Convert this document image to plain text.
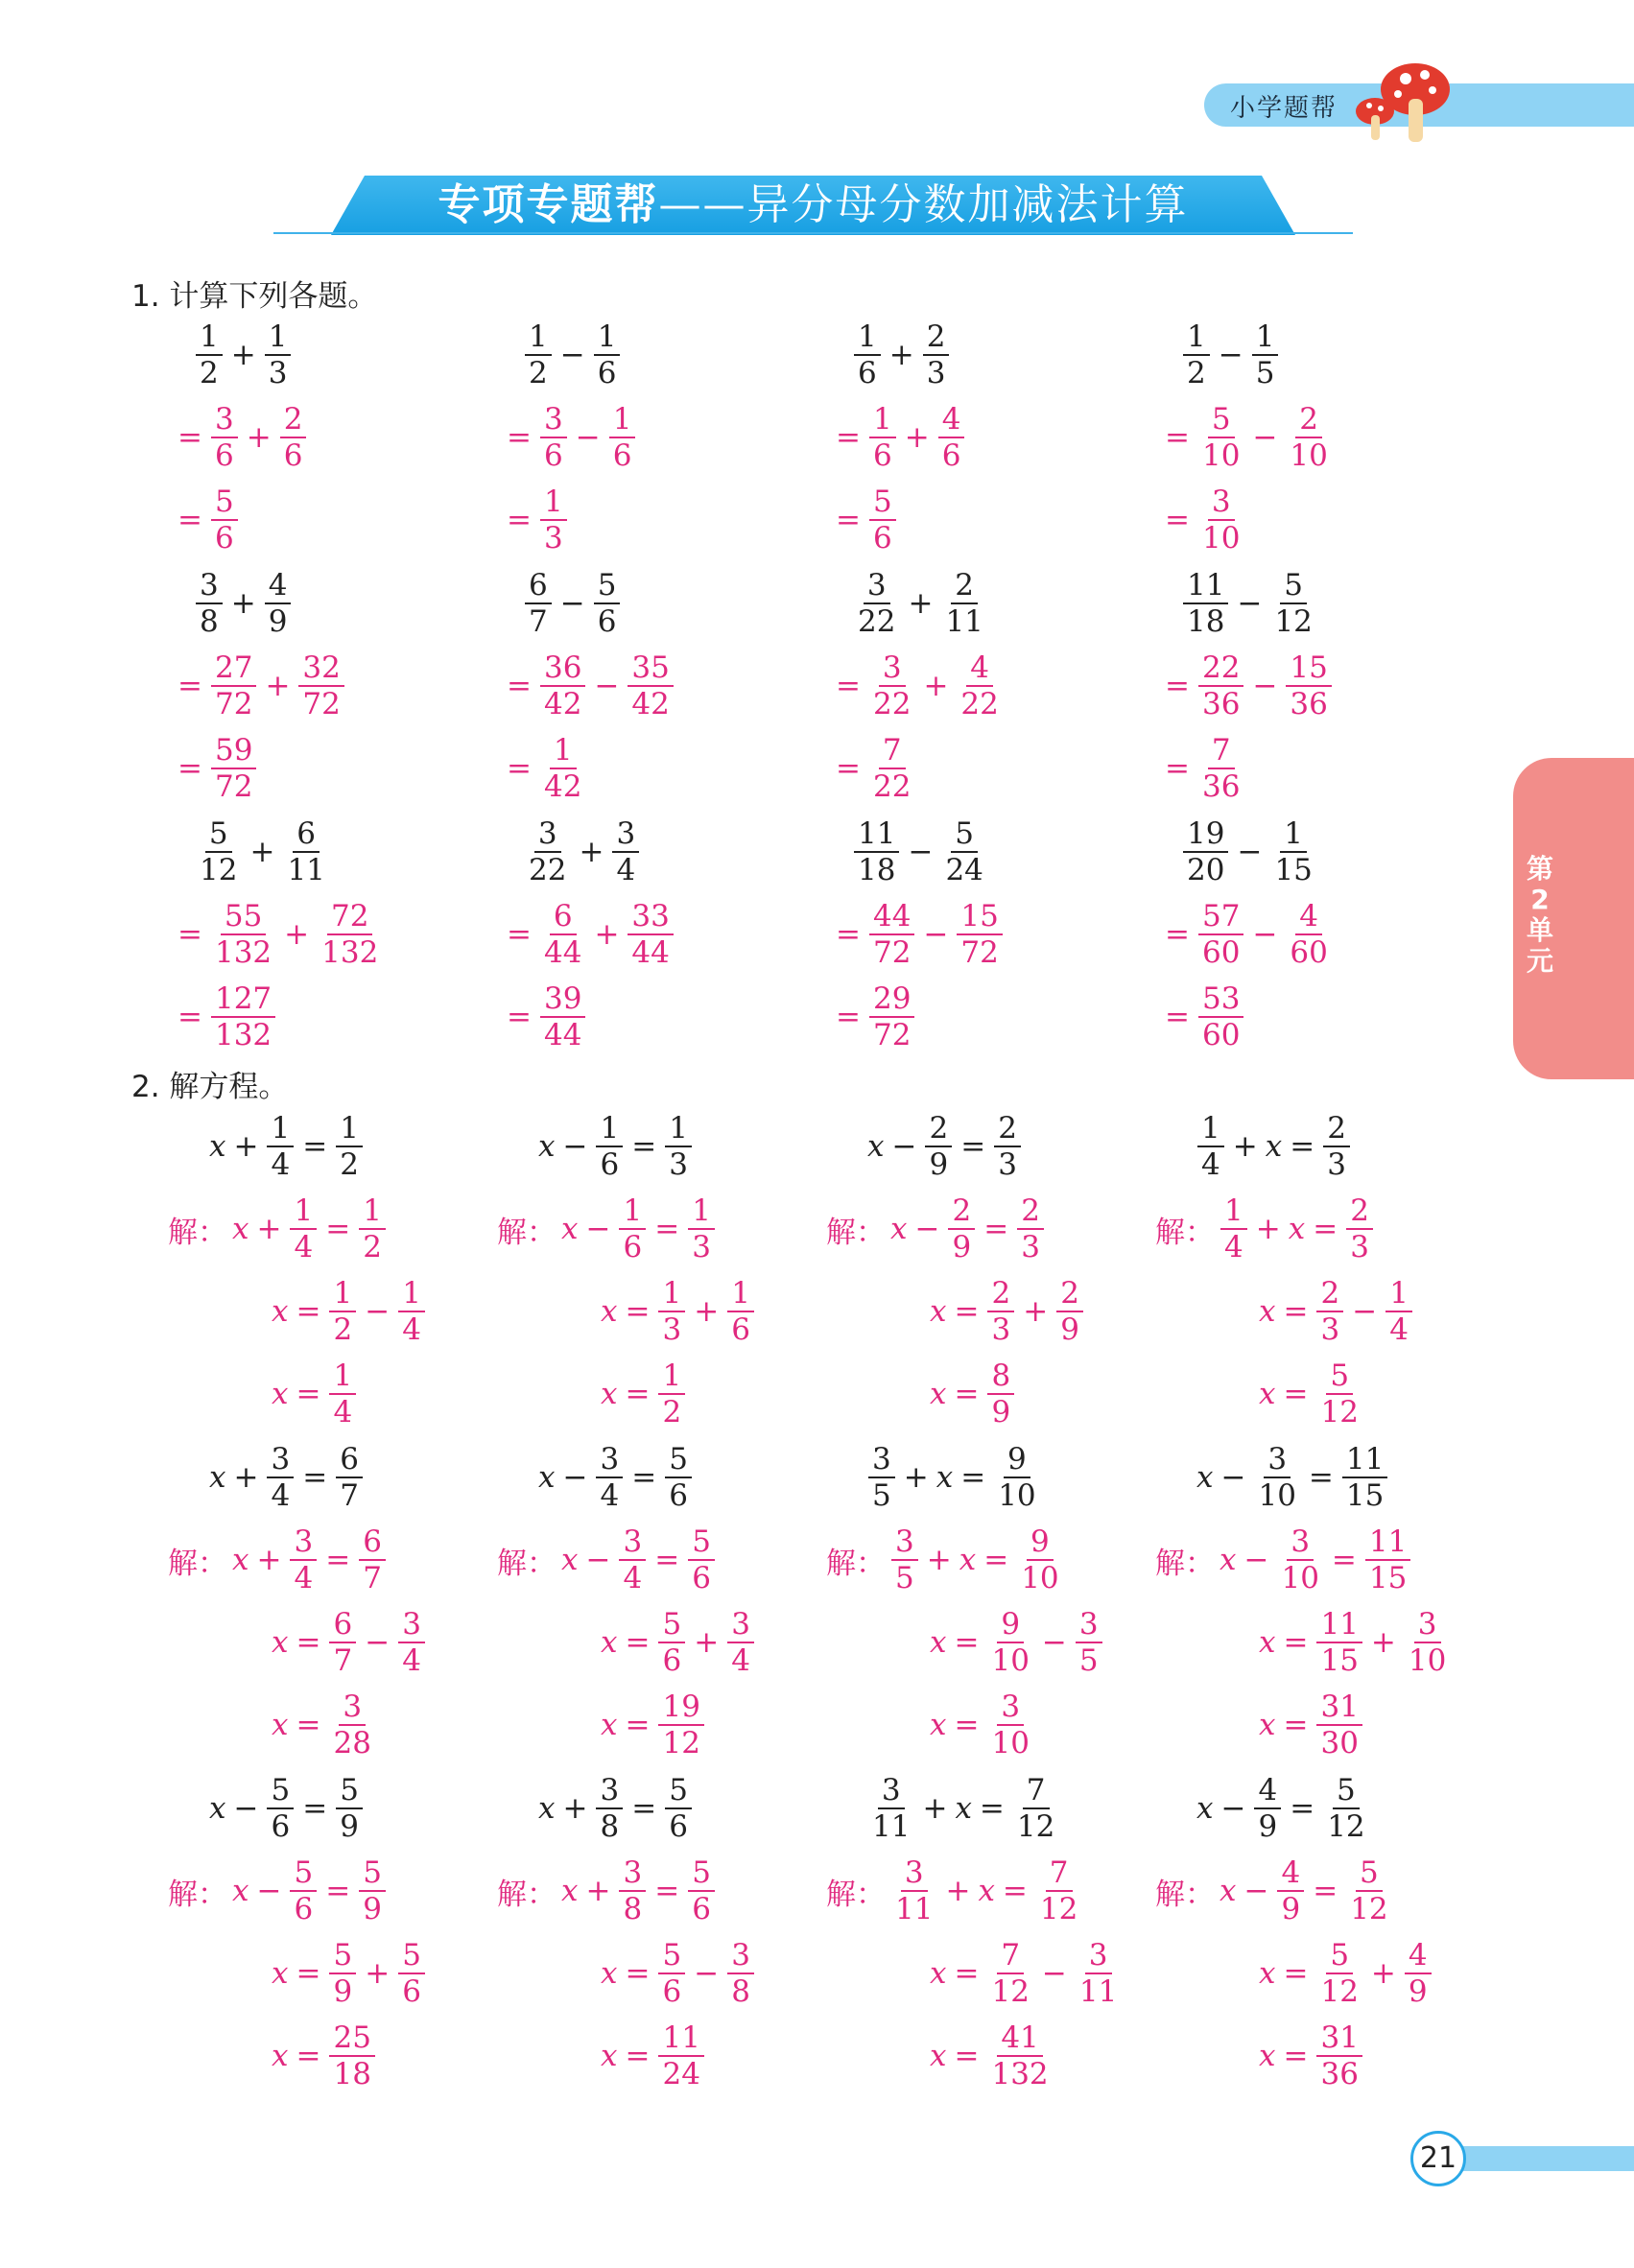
小学题帮
专项专题帮——异分母分数加减法计算
1. 计算下列各题。
2. 解方程。
$\frac{1}{2} + \frac{1}{3}$
= $\frac{3}{6} + \frac{2}{6}$
= $\frac{5}{6}$
$\frac{1}{2} - \frac{1}{6}$
= $\frac{3}{6} - \frac{1}{6}$
= $\frac{1}{3}$
$\frac{1}{6} + \frac{2}{3}$
= $\frac{1}{6} + \frac{4}{6}$
= $\frac{5}{6}$
$\frac{1}{2} - \frac{1}{5}$
= $\frac{5}{10} - \frac{2}{10}$
= $\frac{3}{10}$
$\frac{3}{8} + \frac{4}{9}$
= $\frac{27}{72} + \frac{32}{72}$
= $\frac{59}{72}$
$\frac{6}{7} - \frac{5}{6}$
= $\frac{36}{42} - \frac{35}{42}$
= $\frac{1}{42}$
$\frac{3}{22} + \frac{2}{11}$
= $\frac{3}{22} + \frac{4}{22}$
= $\frac{7}{22}$
$\frac{11}{18} - \frac{5}{12}$
= $\frac{22}{36} - \frac{15}{36}$
= $\frac{7}{36}$
$\frac{5}{12} + \frac{6}{11}$
= $\frac{55}{132} + \frac{72}{132}$
= $\frac{127}{132}$
$\frac{3}{22} + \frac{3}{4}$
= $\frac{6}{44} + \frac{33}{44}$
= $\frac{39}{44}$
$\frac{11}{18} - \frac{5}{24}$
= $\frac{44}{72} - \frac{15}{72}$
= $\frac{29}{72}$
$\frac{19}{20} - \frac{1}{15}$
= $\frac{57}{60} - \frac{4}{60}$
= $\frac{53}{60}$
$x + \frac{1}{4} = \frac{1}{2}$
解： $x + \frac{1}{4} = \frac{1}{2}$
$x = \frac{1}{2} - \frac{1}{4}$
$x = \frac{1}{4}$
$x - \frac{1}{6} = \frac{1}{3}$
解： $x - \frac{1}{6} = \frac{1}{3}$
$x = \frac{1}{3} + \frac{1}{6}$
$x = \frac{1}{2}$
$x - \frac{2}{9} = \frac{2}{3}$
解： $x - \frac{2}{9} = \frac{2}{3}$
$x = \frac{2}{3} + \frac{2}{9}$
$x = \frac{8}{9}$
$\frac{1}{4} + x = \frac{2}{3}$
解： $\frac{1}{4} + x = \frac{2}{3}$
$x = \frac{2}{3} - \frac{1}{4}$
$x = \frac{5}{12}$
$x + \frac{3}{4} = \frac{6}{7}$
解： $x + \frac{3}{4} = \frac{6}{7}$
$x = \frac{6}{7} - \frac{3}{4}$
$x = \frac{3}{28}$
$x - \frac{3}{4} = \frac{5}{6}$
解： $x - \frac{3}{4} = \frac{5}{6}$
$x = \frac{5}{6} + \frac{3}{4}$
$x = \frac{19}{12}$
$\frac{3}{5} + x = \frac{9}{10}$
解： $\frac{3}{5} + x = \frac{9}{10}$
$x = \frac{9}{10} - \frac{3}{5}$
$x = \frac{3}{10}$
$x - \frac{3}{10} = \frac{11}{15}$
解： $x - \frac{3}{10} = \frac{11}{15}$
$x = \frac{11}{15} + \frac{3}{10}$
$x = \frac{31}{30}$
$x - \frac{5}{6} = \frac{5}{9}$
解： $x - \frac{5}{6} = \frac{5}{9}$
$x = \frac{5}{9} + \frac{5}{6}$
$x = \frac{25}{18}$
$x + \frac{3}{8} = \frac{5}{6}$
解： $x + \frac{3}{8} = \frac{5}{6}$
$x = \frac{5}{6} - \frac{3}{8}$
$x = \frac{11}{24}$
$\frac{3}{11} + x = \frac{7}{12}$
解： $\frac{3}{11} + x = \frac{7}{12}$
$x = \frac{7}{12} - \frac{3}{11}$
$x = \frac{41}{132}$
$x - \frac{4}{9} = \frac{5}{12}$
解： $x - \frac{4}{9} = \frac{5}{12}$
$x = \frac{5}{12} + \frac{4}{9}$
$x = \frac{31}{36}$
第
2
单
元
21
